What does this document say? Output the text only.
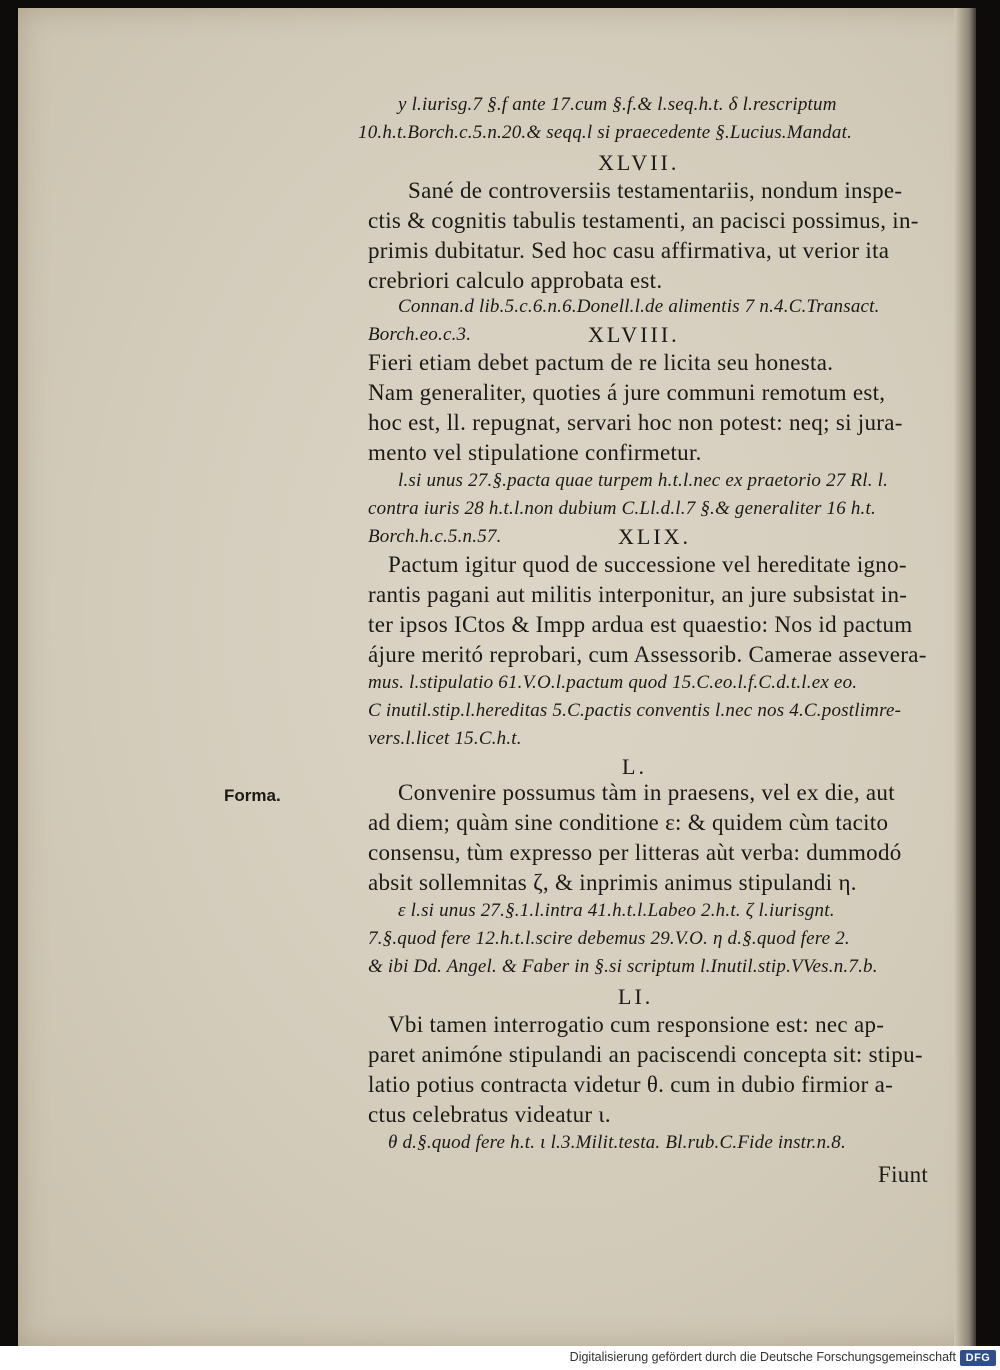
y l.iurisg.7 §.f ante 17.cum §.f.& l.seq.h.t. δ l.rescriptum

10.h.t.Borch.c.5.n.20.& seqq.l si praecedente §.Lucius.Mandat.

XLVII.

Sané de controversiis testamentariis, nondum inspe-

ctis & cognitis tabulis testamenti, an pacisci possimus, in-

primis dubitatur. Sed hoc casu affirmativa, ut verior ita

crebriori calculo approbata est.

Connan.d lib.5.c.6.n.6.Donell.l.de alimentis 7 n.4.C.Transact.

Borch.eo.c.3.	XLVIII.

Fieri etiam debet pactum de re licita seu honesta.

Nam generaliter, quoties á jure communi remotum est,

hoc est, ll. repugnat, servari hoc non potest: neq; si jura-

mento vel stipulatione confirmetur.

l.si unus 27.§.pacta quae turpem h.t.l.nec ex praetorio 27 Rl. l.

contra iuris 28 h.t.l.non dubium C.Ll.d.l.7 §.& generaliter 16 h.t.

Borch.h.c.5.n.57.	XLIX.

Pactum igitur quod de successione vel hereditate igno-

rantis pagani aut militis interponitur, an jure subsistat in-

ter ipsos ICtos & Impp ardua est quaestio: Nos id pactum

ájure meritó reprobari, cum Assessorib. Camerae assevera-

mus. l.stipulatio 61.V.O.l.pactum quod 15.C.eo.l.f.C.d.t.l.ex eo.

C inutil.stip.l.hereditas 5.C.pactis conventis l.nec nos 4.C.postlimre-

vers.l.licet 15.C.h.t.

L.

Forma.	Convenire possumus tàm in praesens, vel ex die, aut

ad diem; quàm sine conditione ε: & quidem cùm tacito

consensu, tùm expresso per litteras aùt verba: dummodó

absit sollemnitas ζ, & inprimis animus stipulandi η.

ε l.si unus 27.§.1.l.intra 41.h.t.l.Labeo 2.h.t. ζ l.iurisgnt.

7.§.quod fere 12.h.t.l.scire debemus 29.V.O. η d.§.quod fere 2.

& ibi Dd. Angel. & Faber in §.si scriptum l.Inutil.stip.VVes.n.7.b.

LI.

Vbi tamen interrogatio cum responsione est: nec ap-

paret animóne stipulandi an paciscendi concepta sit: stipu-

latio potius contracta videtur θ. cum in dubio firmior a-

ctus celebratus videatur ι.

θ d.§.quod fere h.t. ι l.3.Milit.testa. Bl.rub.C.Fide instr.n.8.

Fiunt

Digitalisierung gefördert durch die Deutsche Forschungsgemeinschaft DFG
